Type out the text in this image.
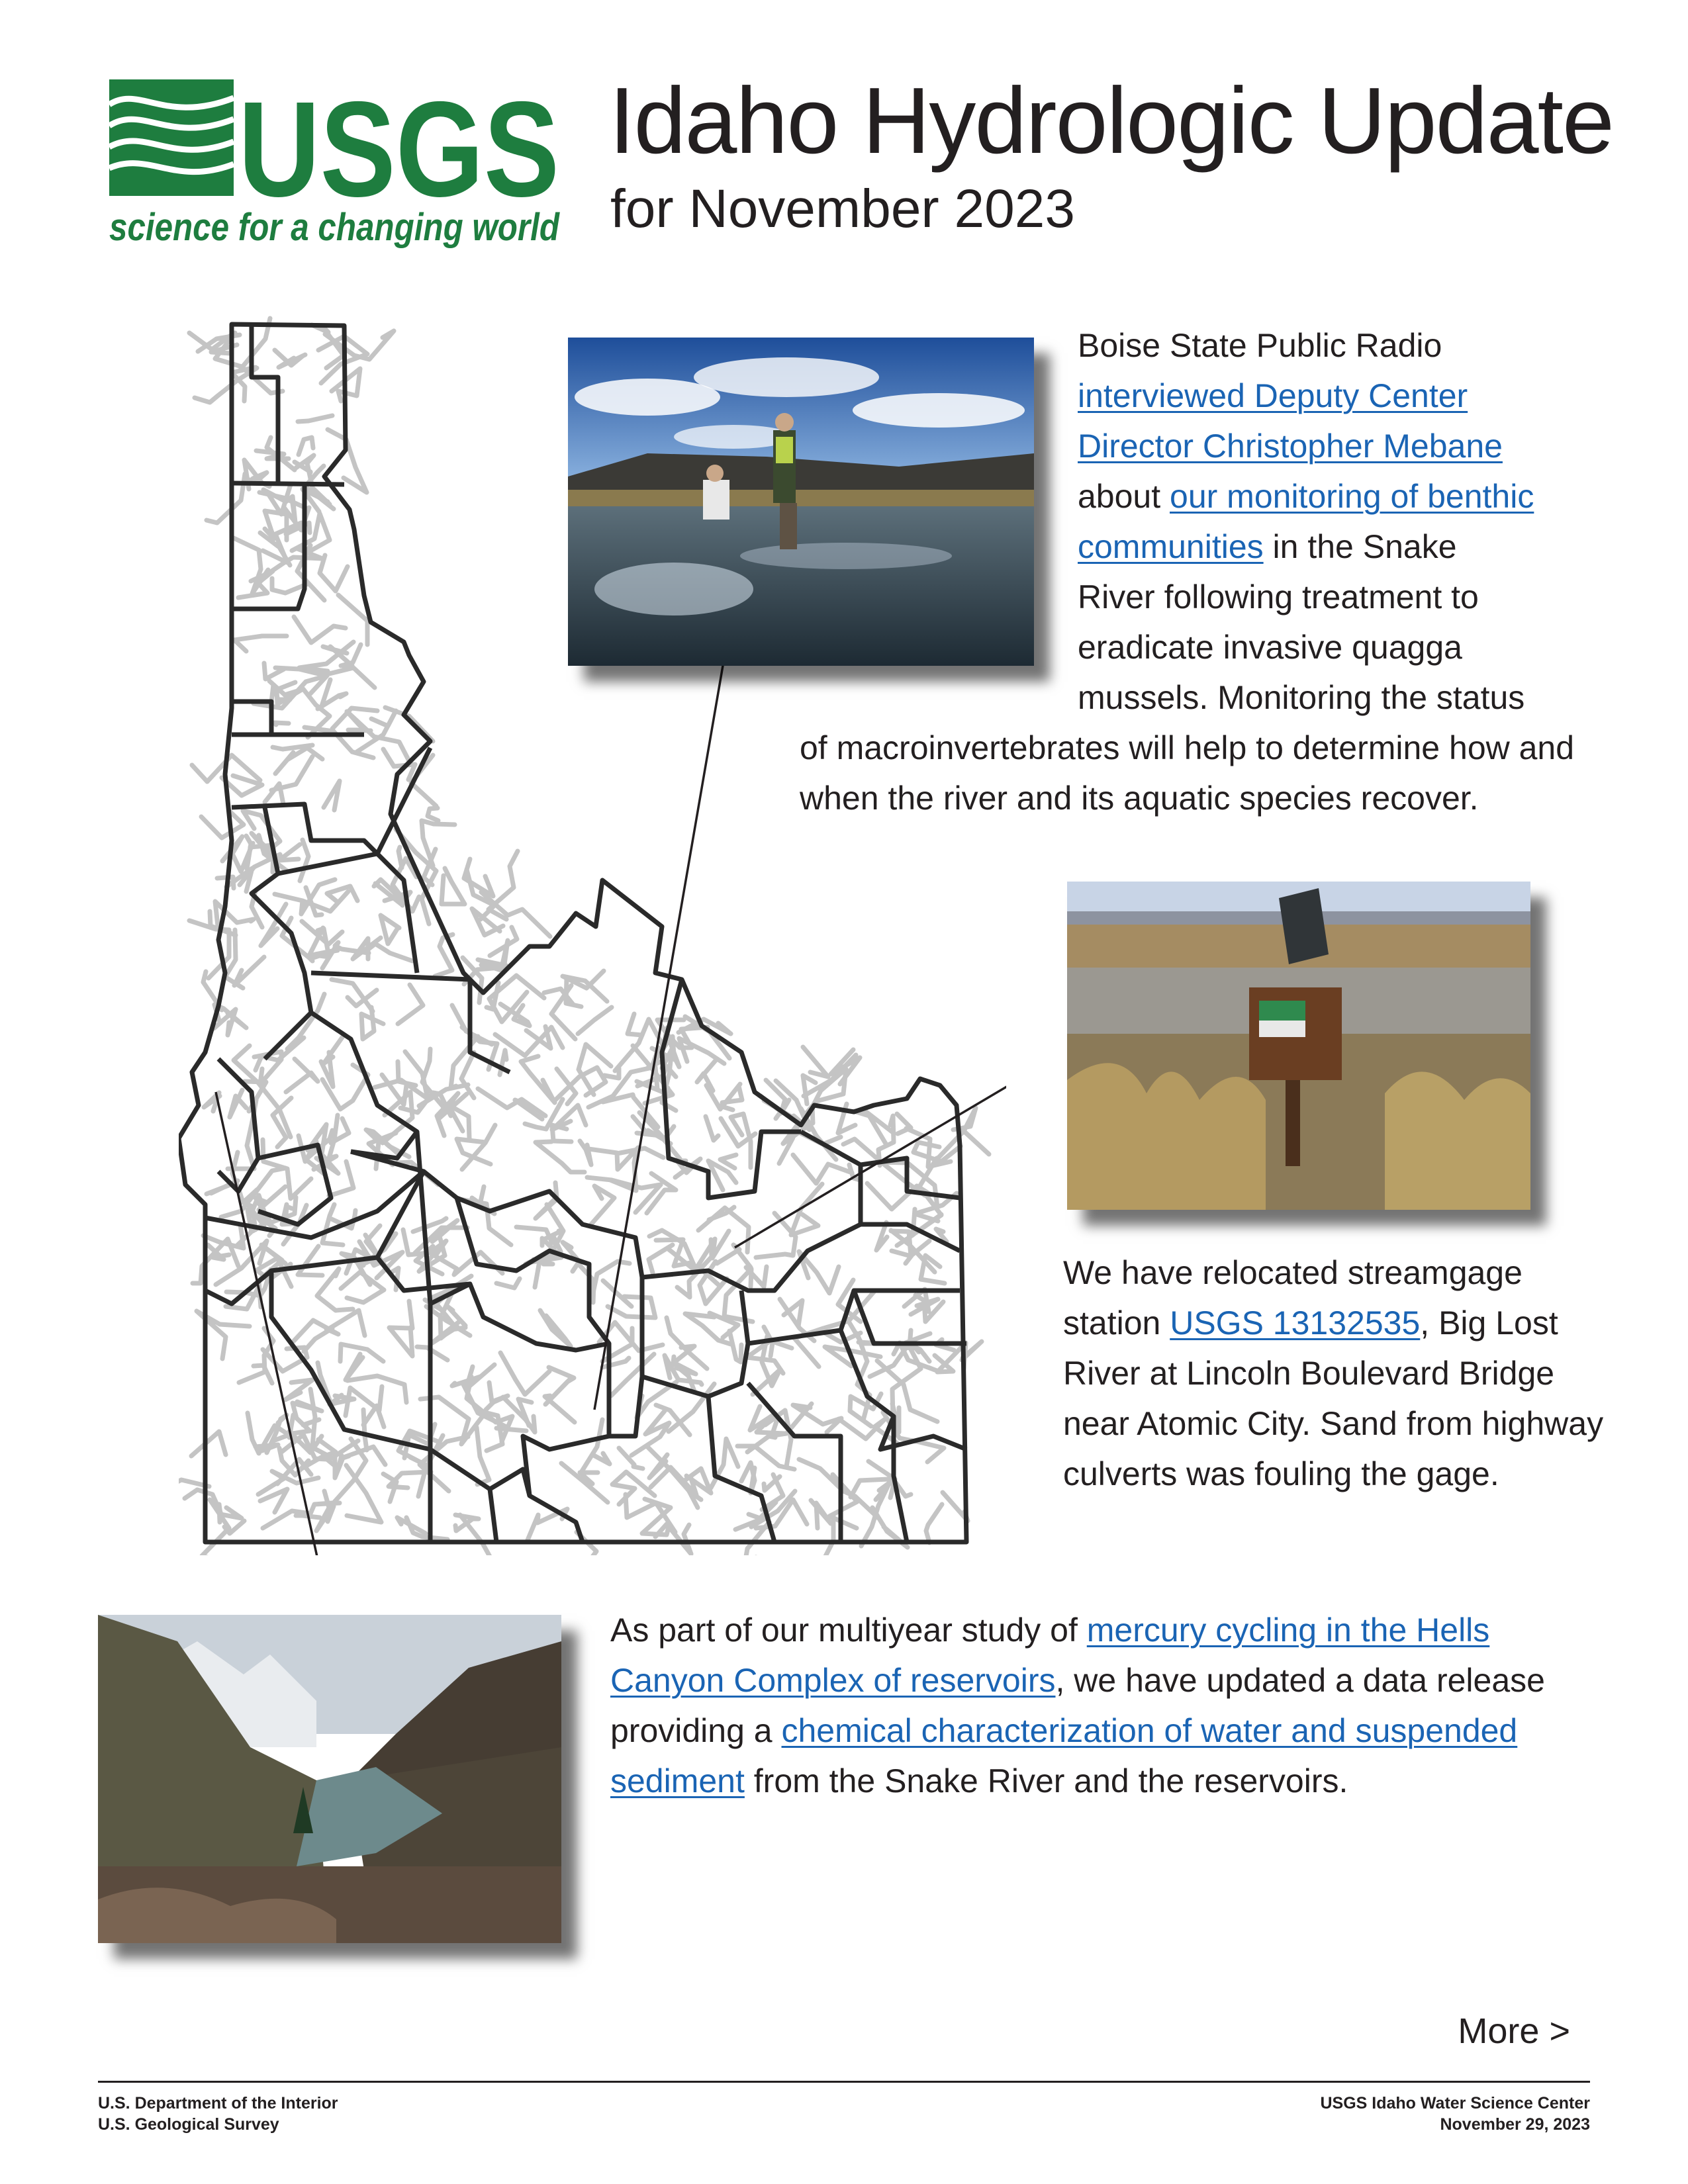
USGS
science for a changing world
Idaho Hydrologic Update
for November 2023
Boise State Public Radio
interviewed Deputy Center
Director Christopher Mebane
about our monitoring of benthic
communities in the Snake
River following treatment to
eradicate invasive quagga
mussels. Monitoring the status
of macroinvertebrates will help to determine how and
when the river and its aquatic species recover.
We have relocated streamgage
station USGS 13132535, Big Lost
River at Lincoln Boulevard Bridge
near Atomic City. Sand from highway
culverts was fouling the gage.
As part of our multiyear study of mercury cycling in the Hells
Canyon Complex of reservoirs, we have updated a data release
providing a chemical characterization of water and suspended
sediment from the Snake River and the reservoirs.
More >
U.S. Department of the Interior
U.S. Geological Survey
USGS Idaho Water Science Center
November 29, 2023
